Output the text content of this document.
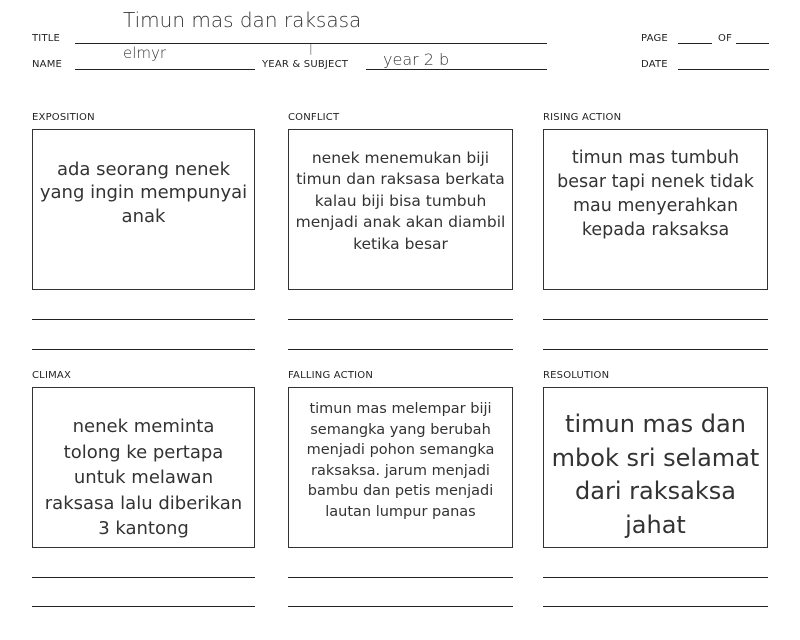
TITLE
Timun mas dan raksasa
NAME
elmyr	|
YEAR & SUBJECT year 2 b
PAGE	OF
DATE
EXPOSITION
ada seorang nenek yang ingin mempunyai anak
CONFLICT
nenek menemukan biji timun dan raksasa berkata kalau biji bisa tumbuh menjadi anak akan diambil ketika besar
RISING ACTION
timun mas tumbuh besar tapi nenek tidak mau menyerahkan kepada raksaksa
CLIMAX
nenek meminta tolong ke pertapa untuk melawan raksasa lalu diberikan 3 kantong
FALLING ACTION
timun mas melempar biji semangka yang berubah menjadi pohon semangka raksaksa. jarum menjadi bambu dan petis menjadi lautan lumpur panas
RESOLUTION
timun mas dan mbok sri selamat dari raksaksa jahat
